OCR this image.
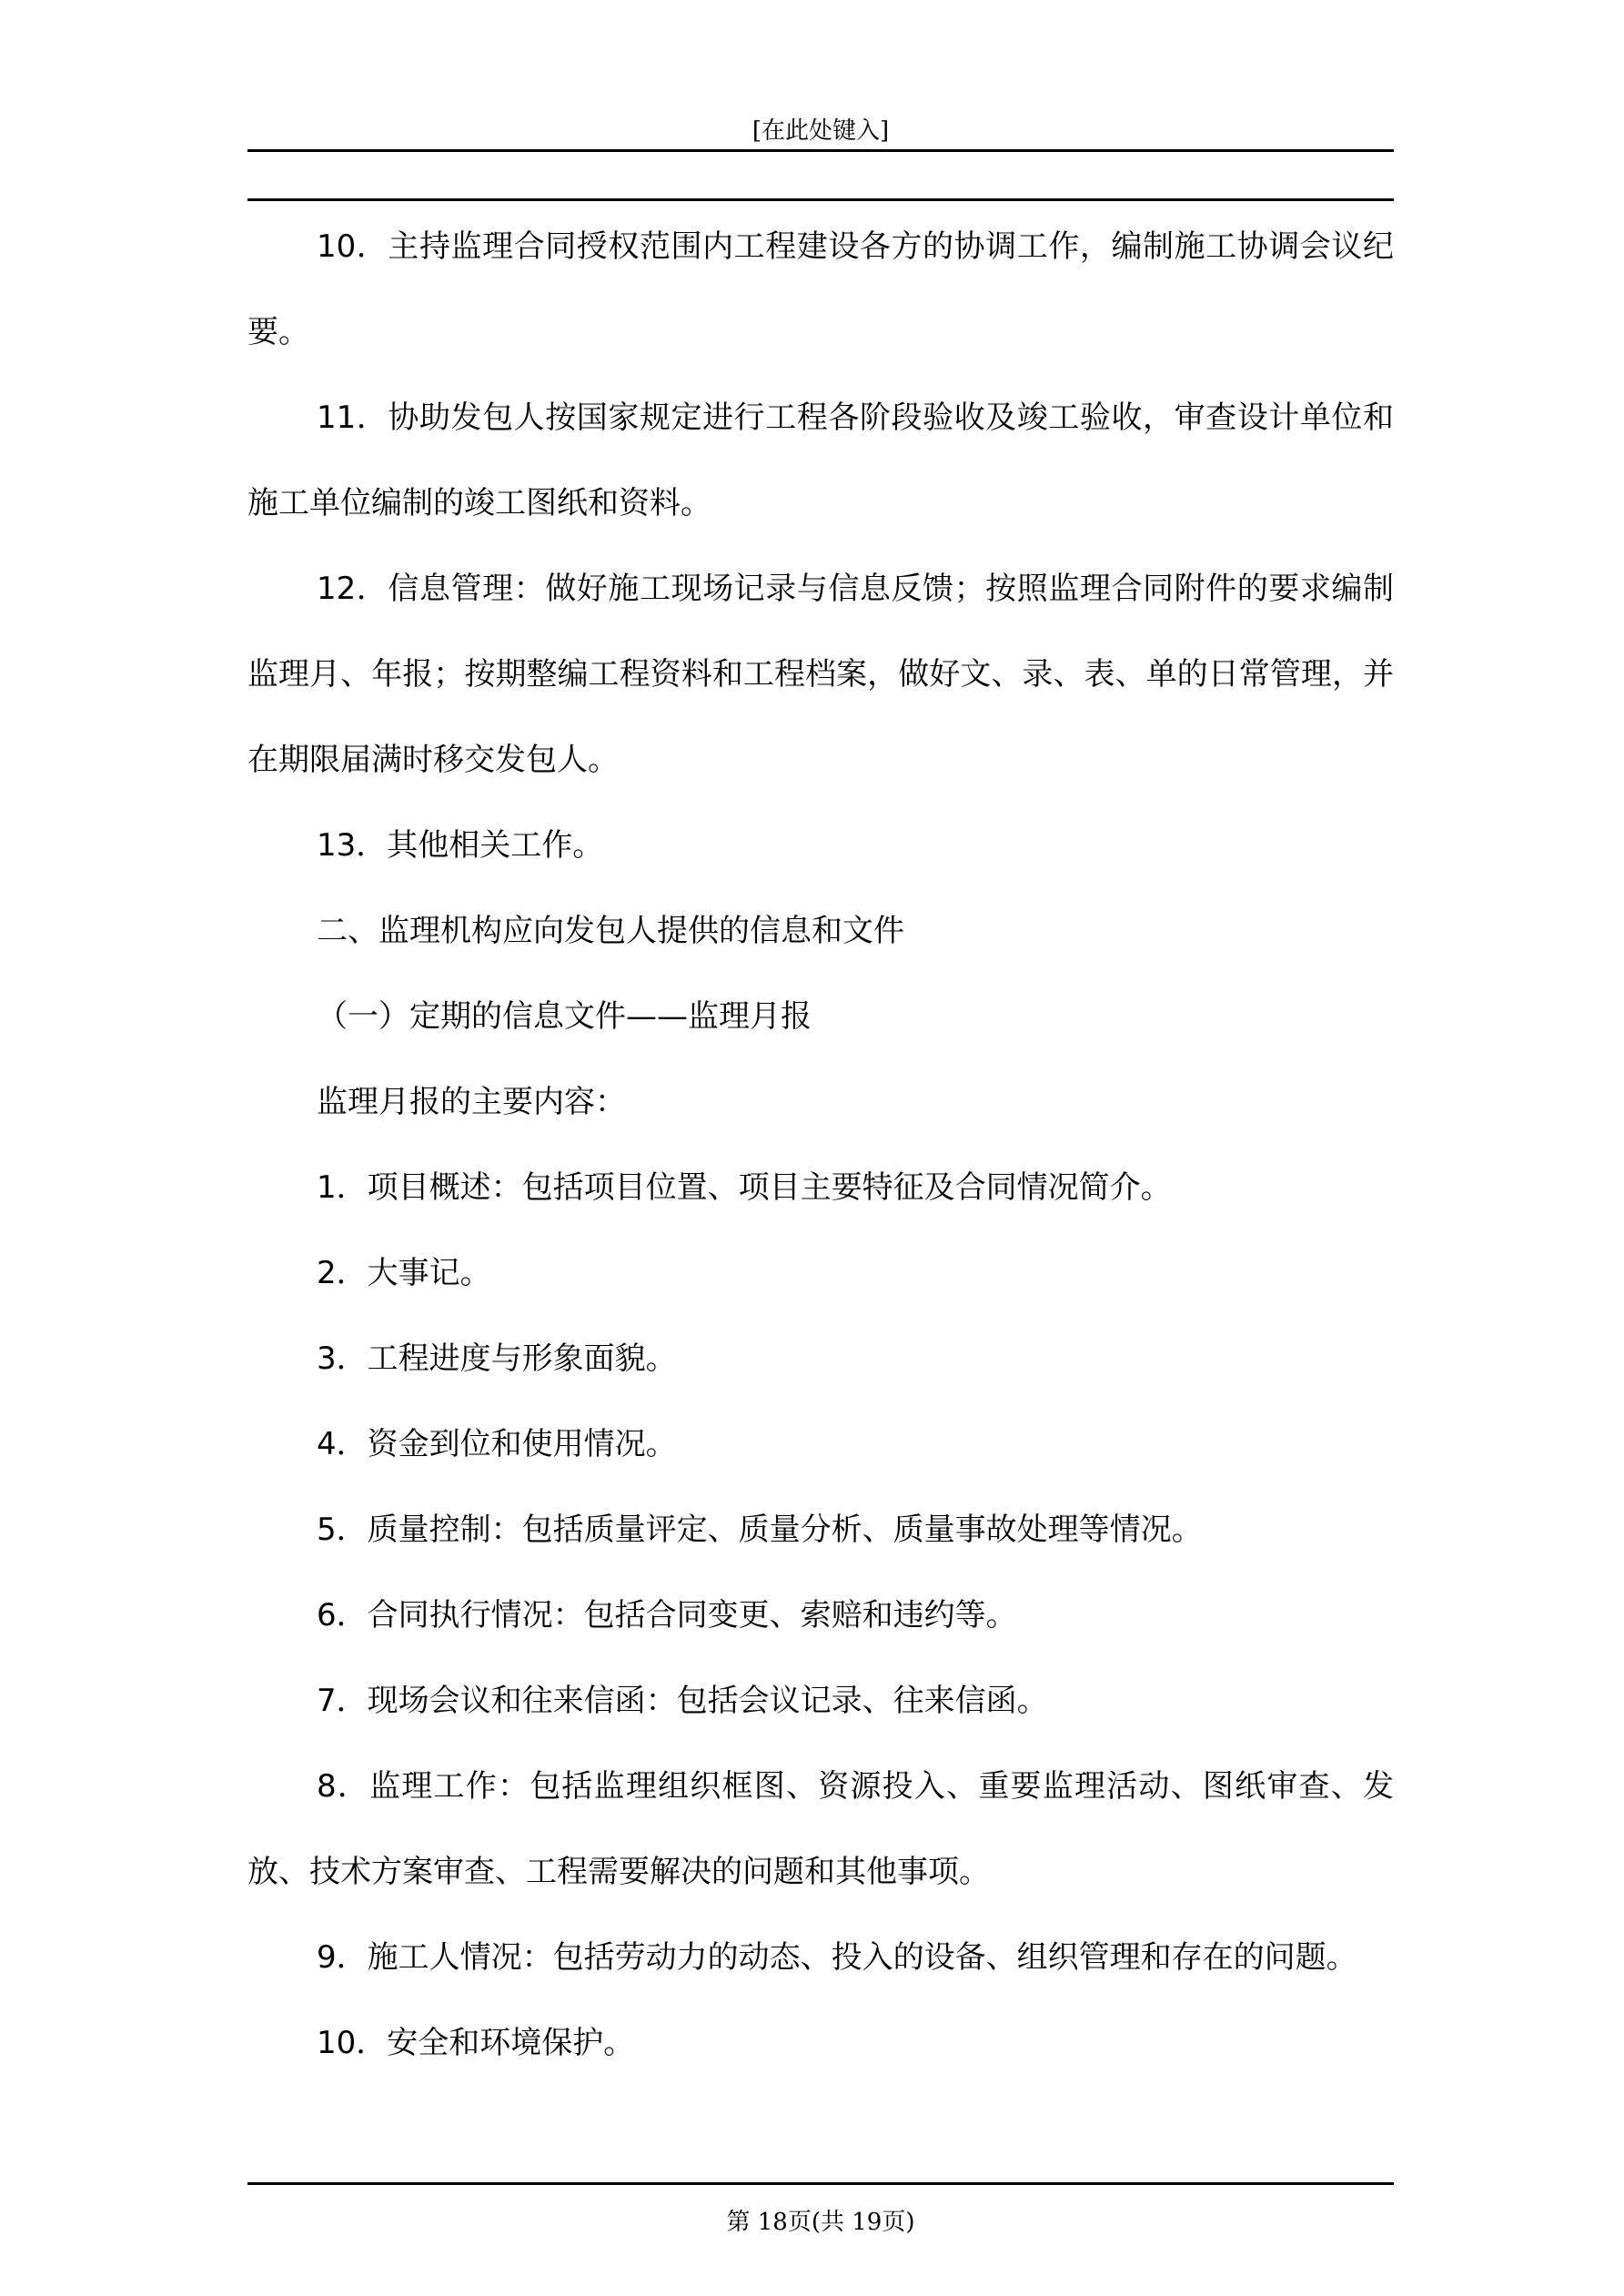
[在此处键入]

10．主持监理合同授权范围内工程建设各方的协调工作，编制施工协调会议纪要。

11．协助发包人按国家规定进行工程各阶段验收及竣工验收，审查设计单位和施工单位编制的竣工图纸和资料。

12．信息管理：做好施工现场记录与信息反馈；按照监理合同附件的要求编制监理月、年报；按期整编工程资料和工程档案，做好文、录、表、单的日常管理，并在期限届满时移交发包人。

13．其他相关工作。

二、监理机构应向发包人提供的信息和文件

（一）定期的信息文件——监理月报

监理月报的主要内容：

1．项目概述：包括项目位置、项目主要特征及合同情况简介。

2．大事记。

3．工程进度与形象面貌。

4．资金到位和使用情况。

5．质量控制：包括质量评定、质量分析、质量事故处理等情况。

6．合同执行情况：包括合同变更、索赔和违约等。

7．现场会议和往来信函：包括会议记录、往来信函。

8．监理工作：包括监理组织框图、资源投入、重要监理活动、图纸审查、发放、技术方案审查、工程需要解决的问题和其他事项。

9．施工人情况：包括劳动力的动态、投入的设备、组织管理和存在的问题。

10．安全和环境保护。

第 18页(共 19页)
